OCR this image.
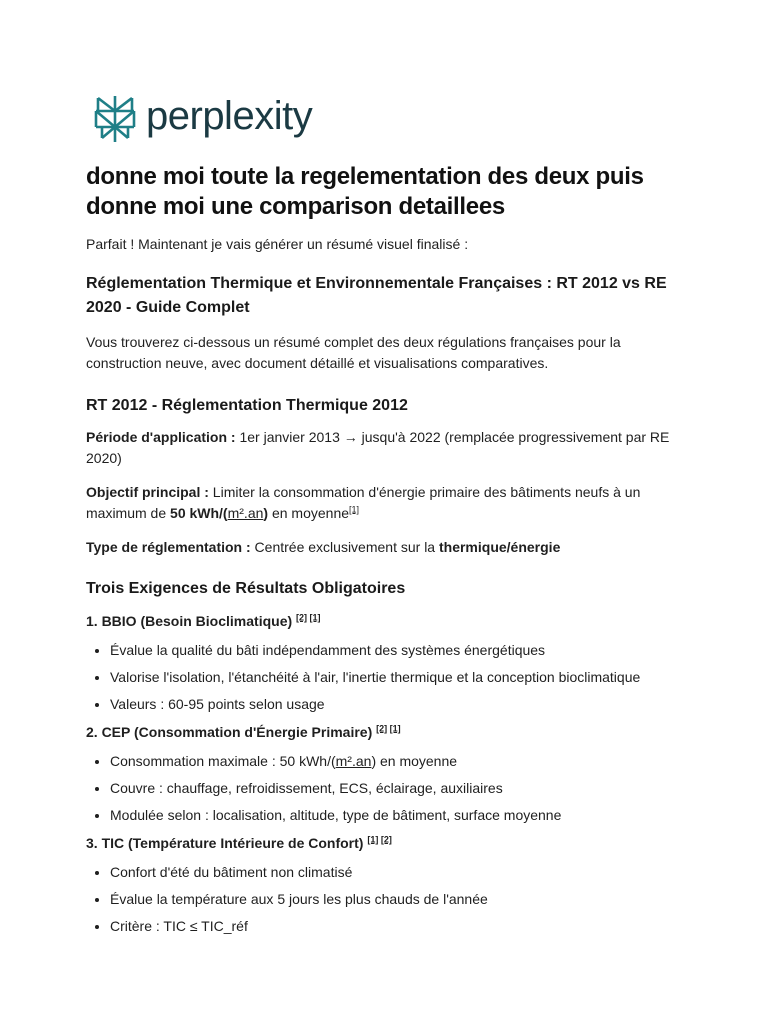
perplexity
donne moi toute la regelementation des deux puis donne moi une comparison detaillees

Parfait ! Maintenant je vais générer un résumé visuel finalisé :

Réglementation Thermique et Environnementale Françaises : RT 2012 vs RE 2020 - Guide Complet

Vous trouverez ci-dessous un résumé complet des deux régulations françaises pour la construction neuve, avec document détaillé et visualisations comparatives.

RT 2012 - Réglementation Thermique 2012

Période d'application : 1er janvier 2013 → jusqu'à 2022 (remplacée progressivement par RE 2020)

Objectif principal : Limiter la consommation d'énergie primaire des bâtiments neufs à un maximum de 50 kWh/(m².an) en moyenne[1]

Type de réglementation : Centrée exclusivement sur la thermique/énergie

Trois Exigences de Résultats Obligatoires
1. BBIO (Besoin Bioclimatique) [2] [1]
• Évalue la qualité du bâti indépendamment des systèmes énergétiques
• Valorise l'isolation, l'étanchéité à l'air, l'inertie thermique et la conception bioclimatique
• Valeurs : 60-95 points selon usage
2. CEP (Consommation d'Énergie Primaire) [2] [1]
• Consommation maximale : 50 kWh/(m².an) en moyenne
• Couvre : chauffage, refroidissement, ECS, éclairage, auxiliaires
• Modulée selon : localisation, altitude, type de bâtiment, surface moyenne
3. TIC (Température Intérieure de Confort) [1] [2]
• Confort d'été du bâtiment non climatisé
• Évalue la température aux 5 jours les plus chauds de l'année
• Critère : TIC ≤ TIC_réf
